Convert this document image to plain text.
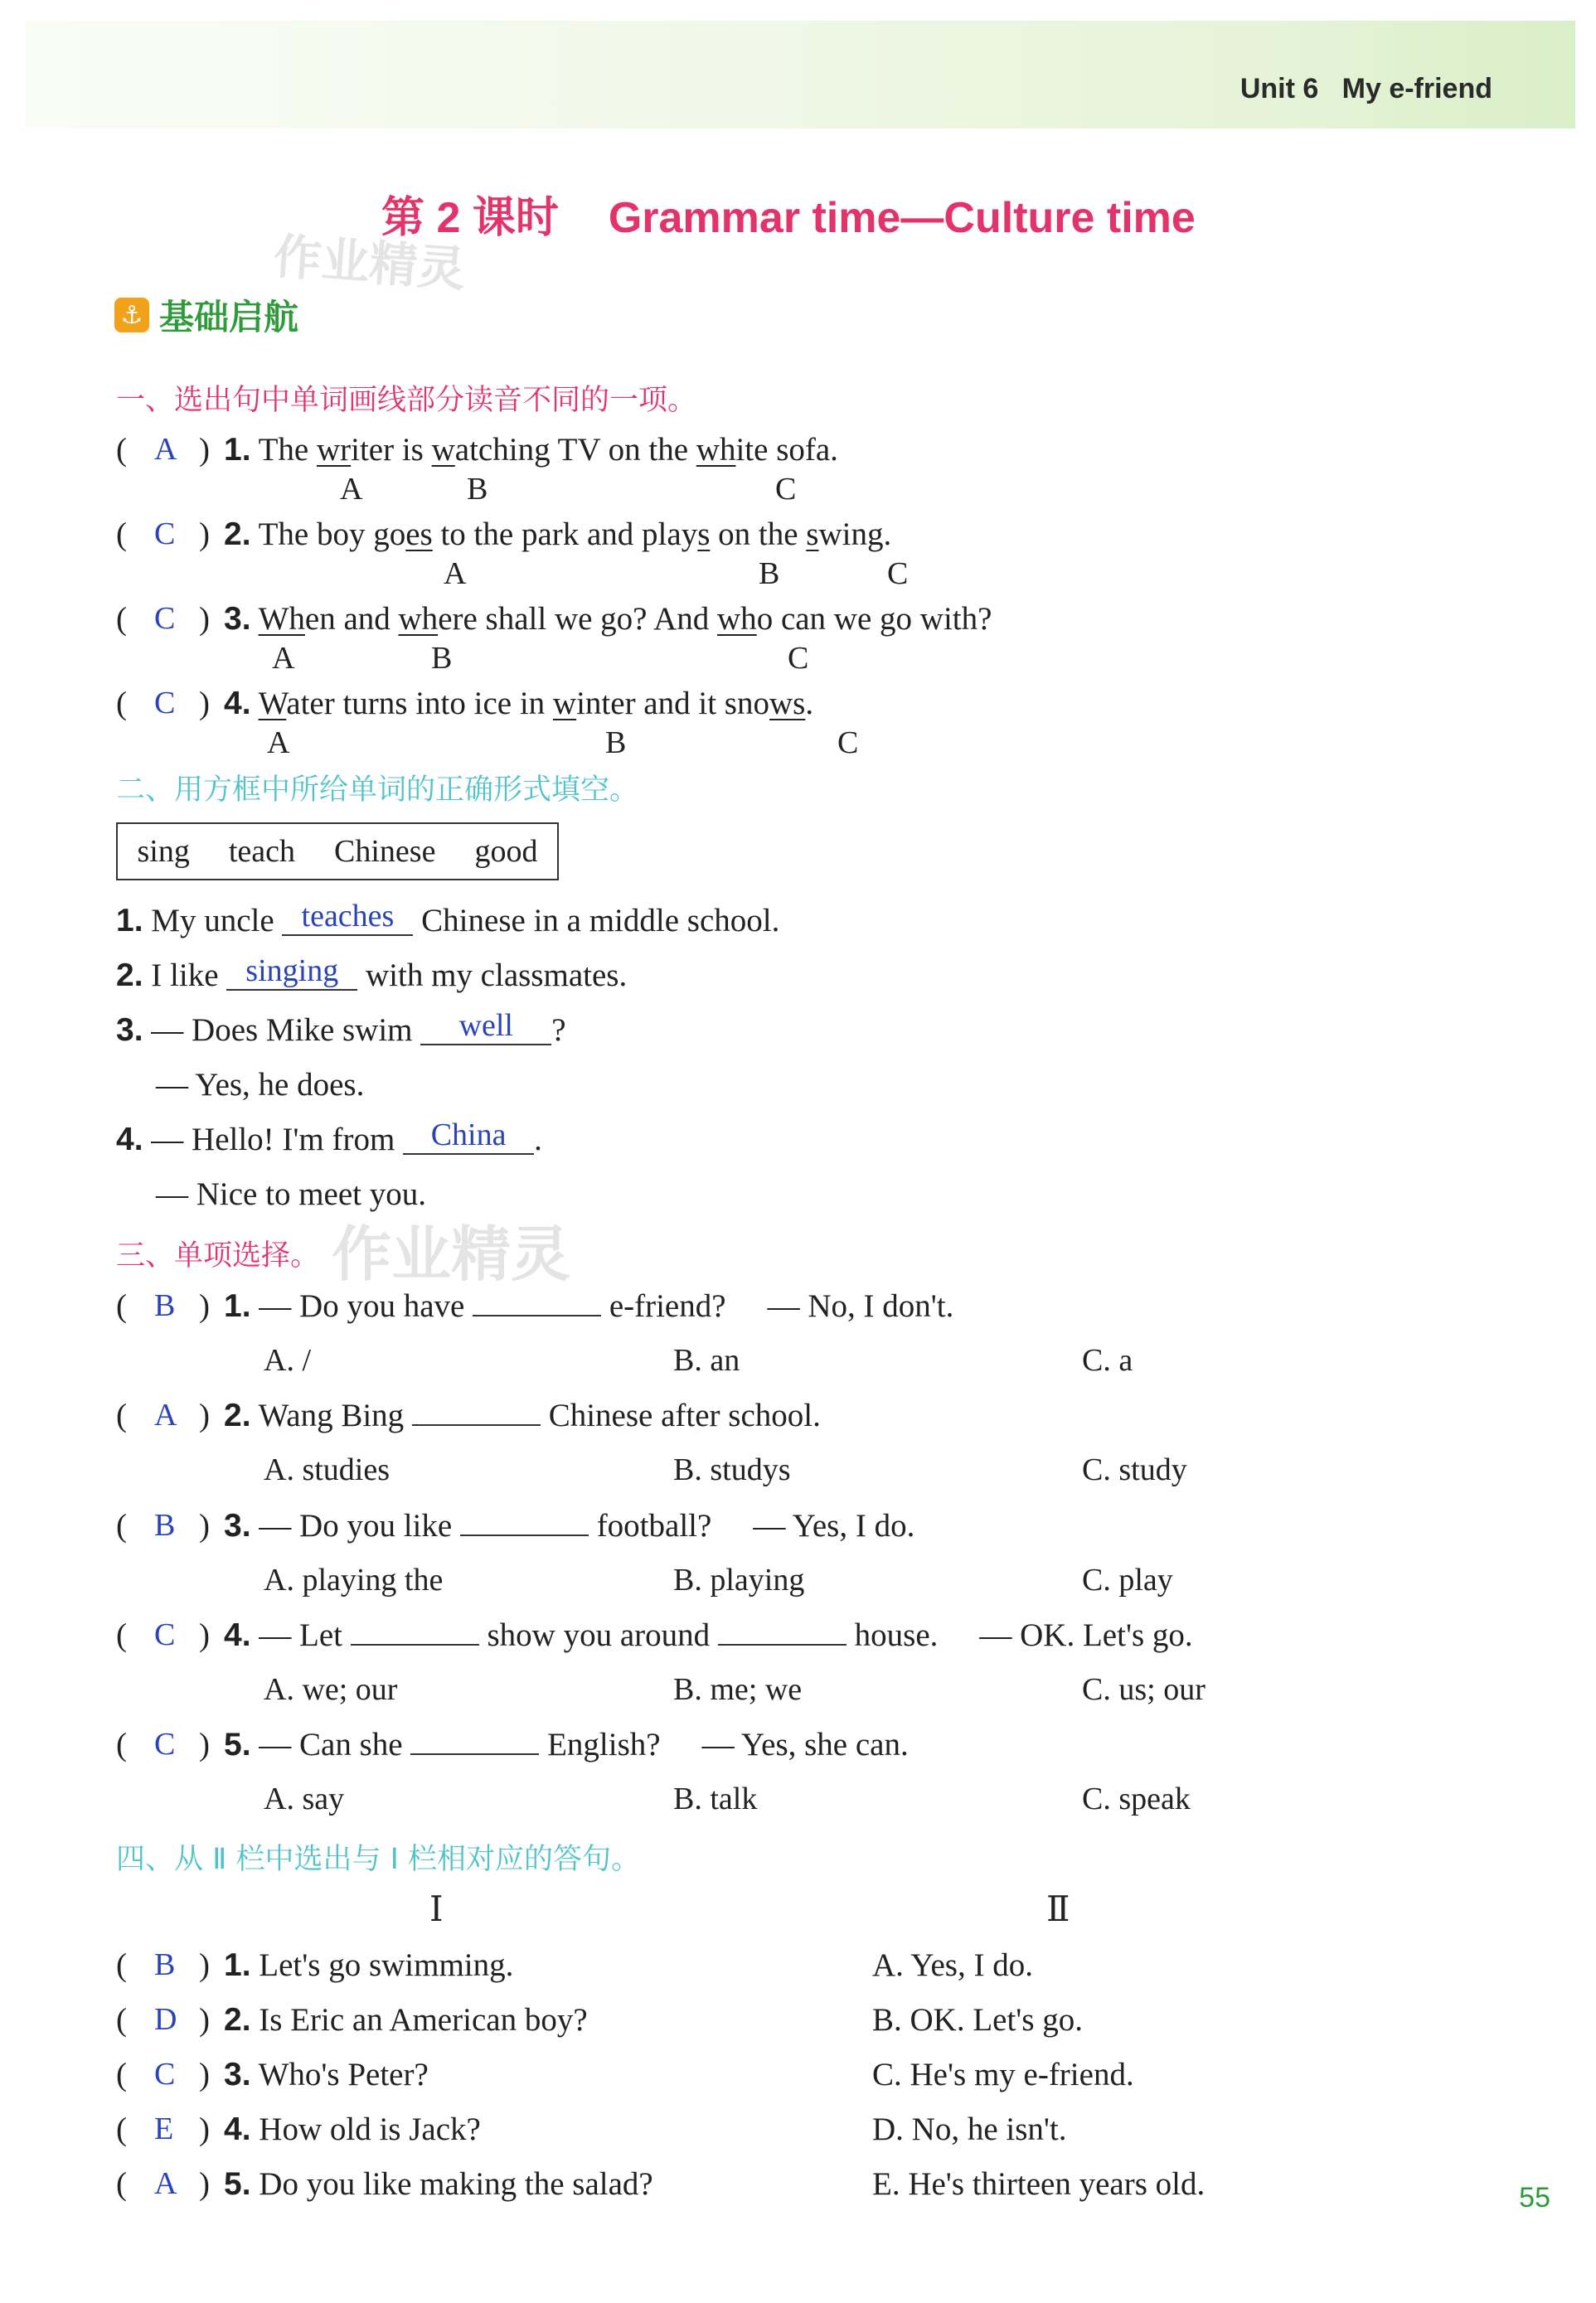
Unit 6 My e-friend
第 2 课时 Grammar time—Culture time
作业精灵
作业精灵
⚓ 基础启航
一、选出句中单词画线部分读音不同的一项。
( A ) 1. The writer is watching TV on the white sofa.
A	B	C
( C ) 2. The boy goes to the park and plays on the swing.
A	B	C
( C ) 3. When and where shall we go? And who can we go with?
A	B	C
( C ) 4. Water turns into ice in winter and it snows.
A	B	C
二、用方框中所给单词的正确形式填空。
sing teach Chinese good
1. My uncle teaches Chinese in a middle school.
2. I like singing with my classmates.
3. — Does Mike swim well ?
— Yes, he does.
4. — Hello! I'm from China .
— Nice to meet you.
三、单项选择。
( B ) 1. — Do you have	e-friend? — No, I don't.
A. /	B. an	C. a
( A ) 2. Wang Bing	Chinese after school.
A. studies	B. studys	C. study
( B ) 3. — Do you like	football? — Yes, I do.
A. playing the	B. playing	C. play
( C ) 4. — Let	show you around	house. — OK. Let's go.
A. we; our	B. me; we	C. us; our
( C ) 5. — Can she	English? — Yes, she can.
A. say	B. talk	C. speak
四、从 Ⅱ 栏中选出与 Ⅰ 栏相对应的答句。
Ⅰ	Ⅱ
( B ) 1. Let's go swimming.	A. Yes, I do.
( D ) 2. Is Eric an American boy?	B. OK. Let's go.
( C ) 3. Who's Peter?	C. He's my e-friend.
( E ) 4. How old is Jack?	D. No, he isn't.
( A ) 5. Do you like making the salad?	E. He's thirteen years old.	55
